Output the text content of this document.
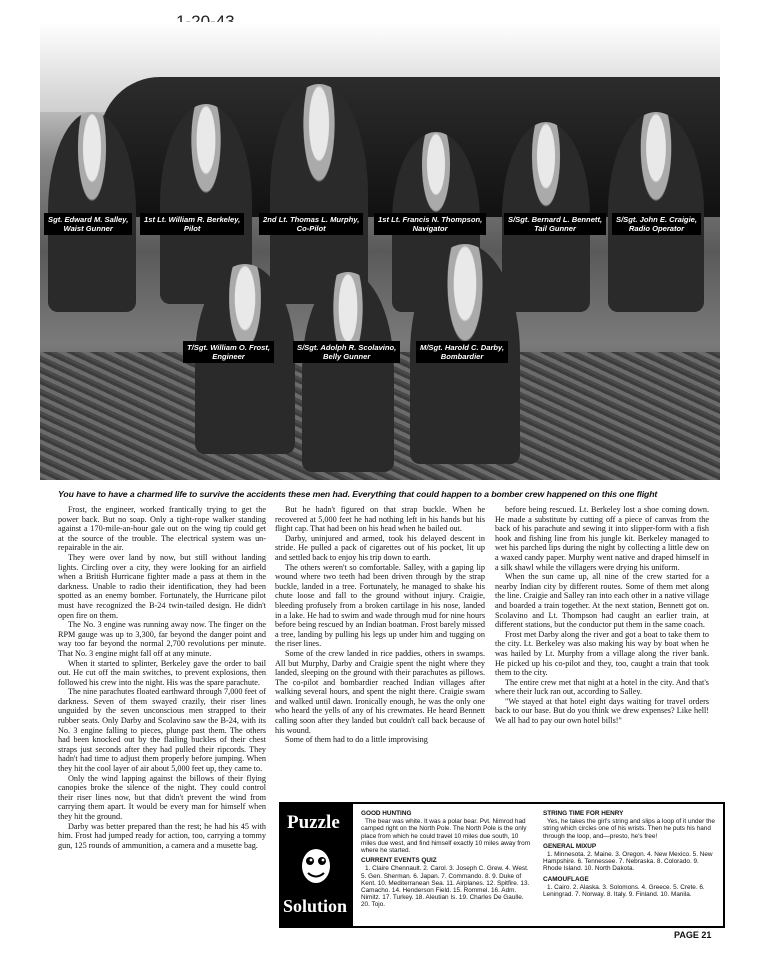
Sgt. Edward M. Salley,
Waist Gunner
1st Lt. William R. Berkeley,
Pilot
2nd Lt. Thomas L. Murphy,
Co-Pilot
1st Lt. Francis N. Thompson,
Navigator
S/Sgt. Bernard L. Bennett,
Tail Gunner
S/Sgt. John E. Craigie,
Radio Operator
T/Sgt. William O. Frost,
Engineer
S/Sgt. Adolph R. Scolavino,
Belly Gunner
M/Sgt. Harold C. Darby,
Bombardier
You have to have a charmed life to survive the accidents these men had. Everything that could happen to a bomber crew happened on this one flight

Frost, the engineer, worked frantically trying to get the power back. But no soap. Only a tight-rope walker standing against a 170-mile-an-hour gale out on the wing tip could get at the source of the trouble. The electrical system was un-repairable in the air.

They were over land by now, but still without landing lights. Circling over a city, they were looking for an airfield when a British Hurricane fighter made a pass at them in the darkness. Unable to radio their identification, they had been spotted as an enemy bomber. Fortunately, the Hurricane pilot must have recognized the B-24 twin-tailed design. He didn't open fire on them.

The No. 3 engine was running away now. The finger on the RPM gauge was up to 3,300, far beyond the danger point and way too far beyond the normal 2,700 revolutions per minute. That No. 3 engine might fall off at any minute.

When it started to splinter, Berkeley gave the order to bail out. He cut off the main switches, to prevent explosions, then followed his crew into the night. His was the spare parachute.

The nine parachutes floated earthward through 7,000 feet of darkness. Seven of them swayed crazily, their riser lines unguided by the seven unconscious men strapped to their rubber seats. Only Darby and Scolavino saw the B-24, with its No. 3 engine falling to pieces, plunge past them. The others had been knocked out by the flailing buckles of their chest straps just seconds after they had pulled their ripcords. They hadn't had time to adjust them properly before jumping. When they hit the cool layer of air about 5,000 feet up, they came to.

Only the wind lapping against the billows of their flying canopies broke the silence of the night. They could control their riser lines now, but that didn't prevent the wind from carrying them apart. It would be every man for himself when they hit the ground.

Darby was better prepared than the rest; he had his 45 with him. Frost had jumped ready for action, too, carrying a tommy gun, 125 rounds of ammunition, a camera and a musette bag.

But he hadn't figured on that strap buckle. When he recovered at 5,000 feet he had nothing left in his hands but his flight cap. That had been on his head when he bailed out.

Darby, uninjured and armed, took his delayed descent in stride. He pulled a pack of cigarettes out of his pocket, lit up and settled back to enjoy his trip down to earth.

The others weren't so comfortable. Salley, with a gaping lip wound where two teeth had been driven through by the strap buckle, landed in a tree. Fortunately, he managed to shake his chute loose and fall to the ground without injury. Craigie, bleeding profusely from a broken cartilage in his nose, landed in a lake. He had to swim and wade through mud for nine hours before being rescued by an Indian boatman. Frost barely missed a tree, landing by pulling his legs up under him and tugging on the riser lines.

Some of the crew landed in rice paddies, others in swamps. All but Murphy, Darby and Craigie spent the night where they landed, sleeping on the ground with their parachutes as pillows. The co-pilot and bombardier reached Indian villages after walking several hours, and spent the night there. Craigie swam and walked until dawn. Ironically enough, he was the only one who heard the yells of any of his crewmates. He heard Bennett calling soon after they landed but couldn't call back because of his wound.

Some of them had to do a little improvising

before being rescued. Lt. Berkeley lost a shoe coming down. He made a substitute by cutting off a piece of canvas from the back of his parachute and sewing it into slipper-form with a fish hook and fishing line from his jungle kit. Berkeley managed to wet his parched lips during the night by collecting a little dew on a waxed candy paper. Murphy went native and draped himself in a silk shawl while the villagers were drying his uniform.

When the sun came up, all nine of the crew started for a nearby Indian city by different routes. Some of them met along the line. Craigie and Salley ran into each other in a native village and boarded a train together. At the next station, Bennett got on. Scolavino and Lt. Thompson had caught an earlier train, at different stations, but the conductor put them in the same coach.

Frost met Darby along the river and got a boat to take them to the city. Lt. Berkeley was also making his way by boat when he was hailed by Lt. Murphy from a village along the river bank. He picked up his co-pilot and they, too, caught a train that took them to the city.

The entire crew met that night at a hotel in the city. And that's where their luck ran out, according to Salley.

"We stayed at that hotel eight days waiting for travel orders back to our base. But do you think we drew expenses? Like hell! We all had to pay our own hotel bills!"

Puzzle
Solution
GOOD HUNTING

The bear was white. It was a polar bear. Pvt. Nimrod had camped right on the North Pole. The North Pole is the only place from which he could travel 10 miles due south, 10 miles due west, and find himself exactly 10 miles away from where he started.

CURRENT EVENTS QUIZ

1. Claire Chennault. 2. Carol. 3. Joseph C. Grew. 4. West. 5. Gen. Sherman. 6. Japan. 7. Commando. 8. 9. Duke of Kent. 10. Mediterranean Sea. 11. Airplanes. 12. Spitfire. 13. Camacho. 14. Henderson Field. 15. Rommel. 16. Adm. Nimitz. 17. Turkey. 18. Aleutian Is. 19. Charles De Gaulle. 20. Tojo.

STRING TIME FOR HENRY

Yes, he takes the girl's string and slips a loop of it under the string which circles one of his wrists. Then he puts his hand through the loop, and—presto, he's free!

GENERAL MIXUP

1. Minnesota. 2. Maine. 3. Oregon. 4. New Mexico. 5. New Hampshire. 6. Tennessee. 7. Nebraska. 8. Colorado. 9. Rhode Island. 10. North Dakota.

CAMOUFLAGE

1. Cairo. 2. Alaska. 3. Solomons. 4. Greece. 5. Crete. 6. Leningrad. 7. Norway. 8. Italy. 9. Finland. 10. Manila.

PAGE 21
